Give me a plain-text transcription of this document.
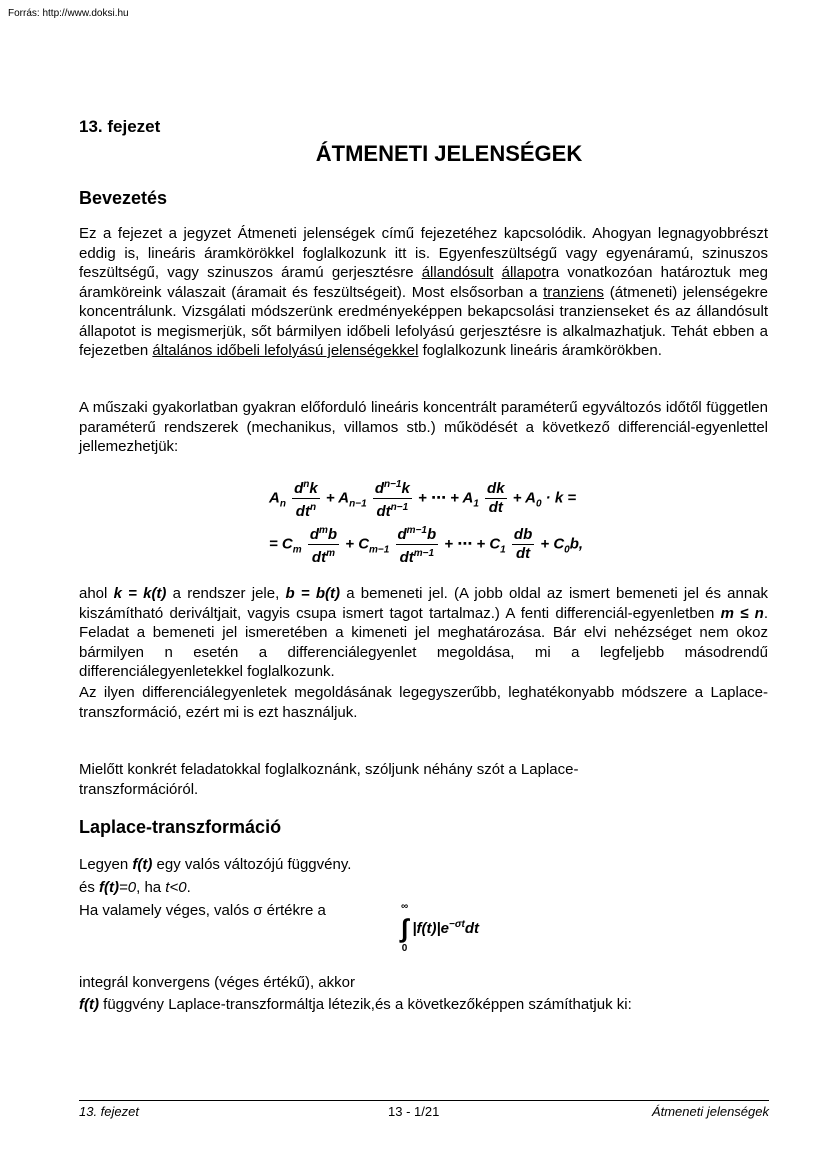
Forrás: http://www.doksi.hu
13. fejezet
ÁTMENETI JELENSÉGEK
Bevezetés

Ez a fejezet a jegyzet Átmeneti jelenségek című fejezetéhez kapcsolódik. Ahogyan legnagyobbrészt eddig is, lineáris áramkörökkel foglalkozunk itt is. Egyenfeszültségű vagy egyenáramú, szinuszos feszültségű, vagy szinuszos áramú gerjesztésre állandósult állapotra vonatkozóan határoztuk meg áramköreink válaszait (áramait és feszültségeit). Most elsősorban a tranziens (átmeneti) jelenségekre koncentrálunk. Vizsgálati módszerünk eredményeképpen bekapcsolási tranzienseket és az állandósult állapotot is megismerjük, sőt bármilyen időbeli lefolyású gerjesztésre is alkalmazhatjuk. Tehát ebben a fejezetben általános időbeli lefolyású jelenségekkel foglalkozunk lineáris áramkörökben.

A műszaki gyakorlatban gyakran előforduló lineáris koncentrált paraméterű egyváltozós időtől független paraméterű rendszerek (mechanikus, villamos stb.) működését a következő differenciál-egyenlettel jellemezhetjük:

$A_n \frac{d^nk}{dt^n} + A_{n-1} \frac{d^{n-1}k}{dt^{n-1}}$ + ⋯ + $A_1 \frac{dk}{dt} + A_0 \cdot k$ =
= $C_m \frac{d^mb}{dt^m} + C_{m-1} \frac{d^{m-1}b}{dt^{m-1}}$ + ⋯ + $C_1 \frac{db}{dt} + C_0b$,

ahol k = k(t) a rendszer jele, b = b(t) a bemeneti jel. (A jobb oldal az ismert bemeneti jel és annak kiszámítható deriváltjait, vagyis csupa ismert tagot tartalmaz.) A fenti differenciál-egyenletben m ≤ n. Feladat a bemeneti jel ismeretében a kimeneti jel meghatározása. Bár elvi nehézséget nem okoz bármilyen n esetén a differenciálegyenlet megoldása, mi a legfeljebb másodrendű differenciálegyenletekkel foglalkozunk.

Az ilyen differenciálegyenletek megoldásának legegyszerűbb, leghatékonyabb módszere a Laplace-transzformáció, ezért mi is ezt használjuk.

Mielőtt konkrét feladatokkal foglalkoznánk, szóljunk néhány szót a Laplace-transzformációról.

Laplace-transzformáció

Legyen f(t) egy valós változójú függvény.

és f(t)=0, ha t<0.

Ha valamely véges, valós σ értékre a	∞
∫
0
$|f(t)|e^{-\sigma t}dt$

integrál konvergens (véges értékű), akkor

f(t) függvény Laplace-transzformáltja létezik,és a következőképpen számíthatjuk ki:

13. fejezet	13 - 1/21	Átmeneti jelenségek
